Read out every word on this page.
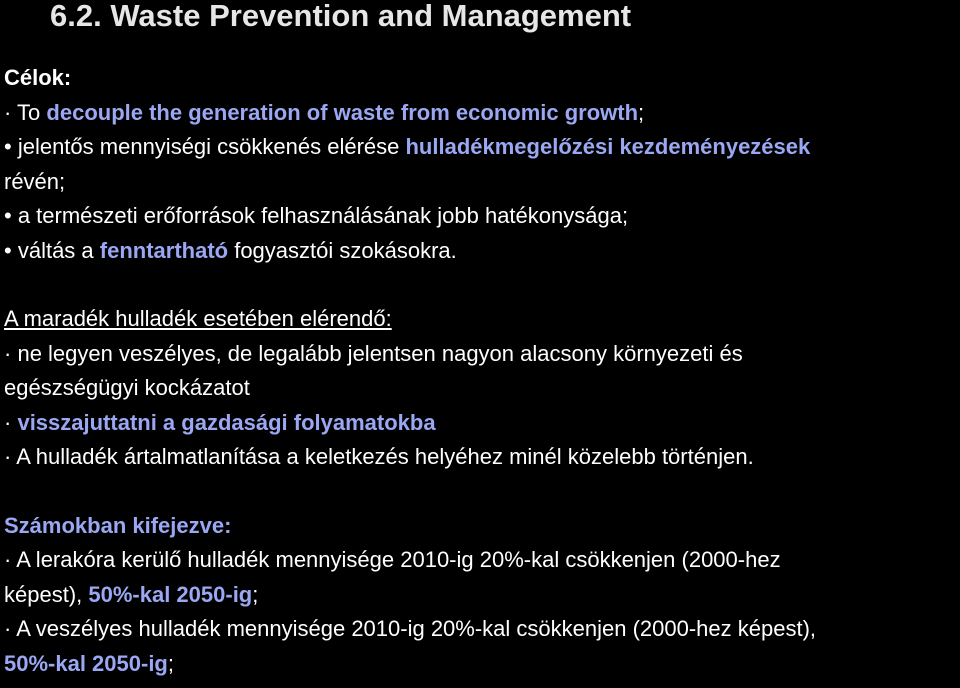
6.2. Waste Prevention and Management
Célok:
· To decouple the generation of waste from economic growth;
• jelentős mennyiségi csökkenés elérése hulladékmegelőzési kezdeményezések
révén;
• a természeti erőforrások felhasználásának jobb hatékonysága;
• váltás a fenntartható fogyasztói szokásokra.
A maradék hulladék esetében elérendő:
· ne legyen veszélyes, de legalább jelentsen nagyon alacsony környezeti és
egészségügyi kockázatot
· visszajuttatni a gazdasági folyamatokba
· A hulladék ártalmatlanítása a keletkezés helyéhez minél közelebb történjen.
Számokban kifejezve:
· A lerakóra kerülő hulladék mennyisége 2010-ig 20%-kal csökkenjen (2000-hez
képest), 50%-kal 2050-ig;
· A veszélyes hulladék mennyisége 2010-ig 20%-kal csökkenjen (2000-hez képest),
50%-kal 2050-ig;
